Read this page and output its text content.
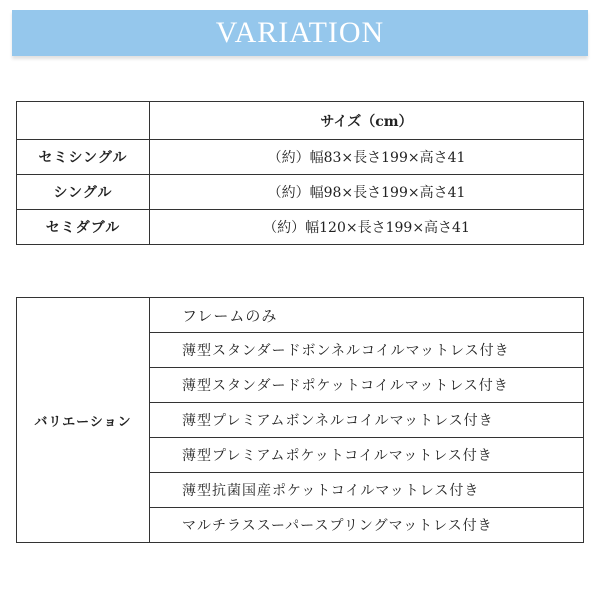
VARIATION
	サイズ（cm）
セミシングル	（約）幅83×長さ199×高さ41
シングル	（約）幅98×長さ199×高さ41
セミダブル	（約）幅120×長さ199×高さ41
バリエーション	フレームのみ
薄型スタンダードボンネルコイルマットレス付き
薄型スタンダードポケットコイルマットレス付き
薄型プレミアムボンネルコイルマットレス付き
薄型プレミアムポケットコイルマットレス付き
薄型抗菌国産ポケットコイルマットレス付き
マルチラススーパースプリングマットレス付き
